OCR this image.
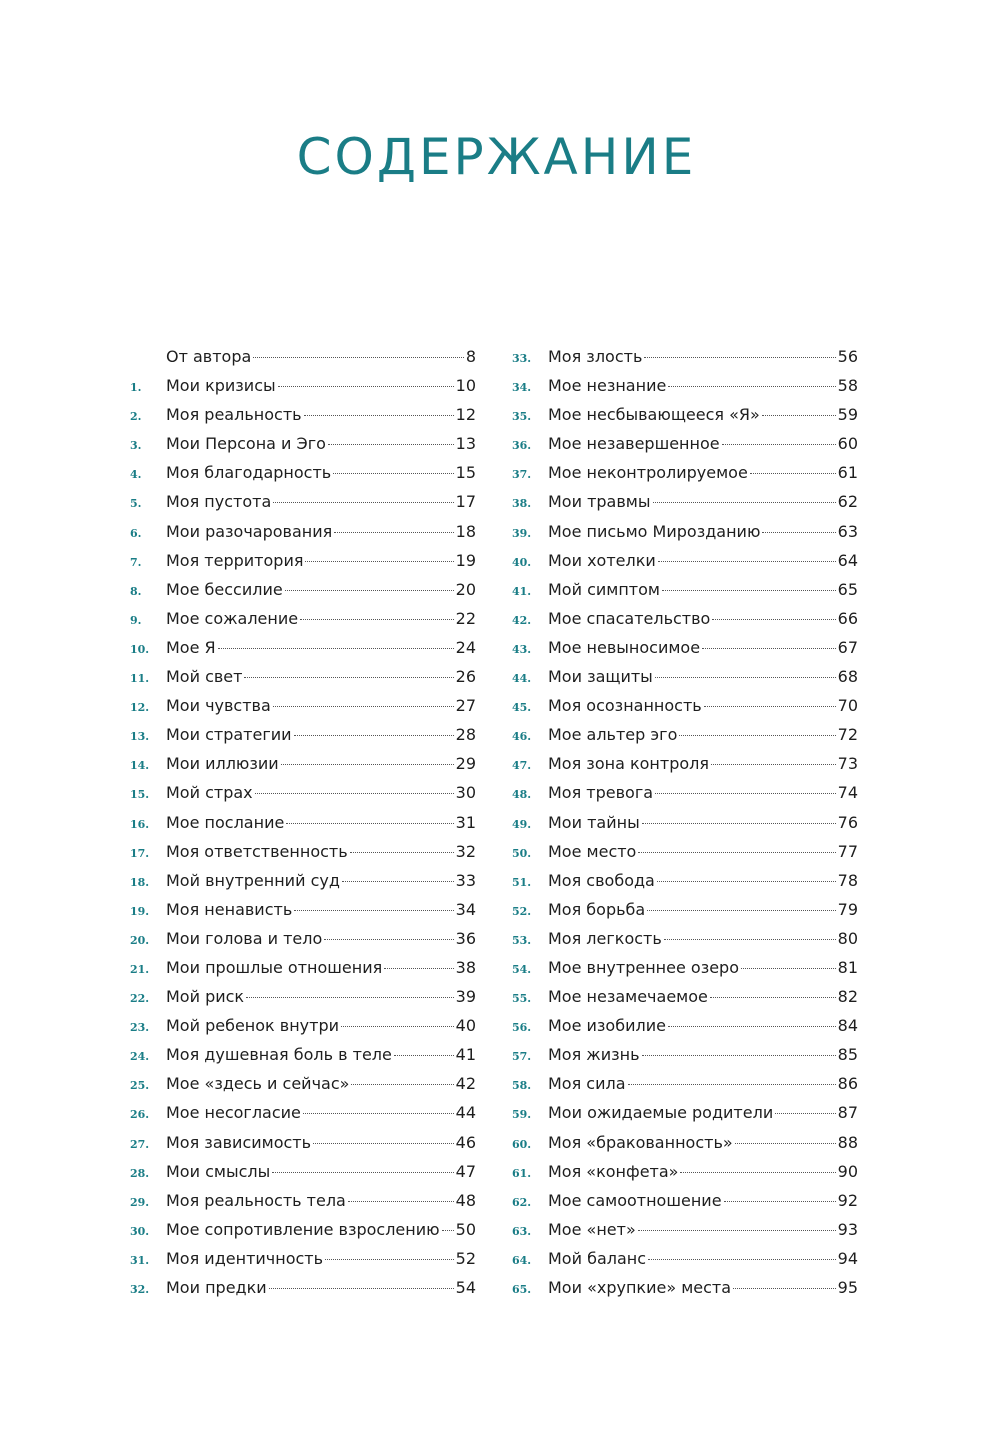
СОДЕРЖАНИЕ
От автора	8
1.	Мои кризисы	10
2.	Моя реальность	12
3.	Мои Персона и Эго	13
4.	Моя благодарность	15
5.	Моя пустота	17
6.	Мои разочарования	18
7.	Моя территория	19
8.	Мое бессилие	20
9.	Мое сожаление	22
10.	Мое Я	24
11.	Мой свет	26
12.	Мои чувства	27
13.	Мои стратегии	28
14.	Мои иллюзии	29
15.	Мой страх	30
16.	Мое послание	31
17.	Моя ответственность	32
18.	Мой внутренний суд	33
19.	Моя ненависть	34
20.	Мои голова и тело	36
21.	Мои прошлые отношения	38
22.	Мой риск	39
23.	Мой ребенок внутри	40
24.	Моя душевная боль в теле	41
25.	Мое «здесь и сейчас»	42
26.	Мое несогласие	44
27.	Моя зависимость	46
28.	Мои смыслы	47
29.	Моя реальность тела	48
30.	Мое сопротивление взрослению 50
31.	Моя идентичность	52
32.	Мои предки	54
33.	Моя злость	56
34.	Мое незнание	58
35.	Мое несбывающееся «Я»	59
36.	Мое незавершенное	60
37.	Мое неконтролируемое	61
38.	Мои травмы	62
39.	Мое письмо Мирозданию	63
40.	Мои хотелки	64
41.	Мой симптом	65
42.	Мое спасательство	66
43.	Мое невыносимое	67
44.	Мои защиты	68
45.	Моя осознанность	70
46.	Мое альтер эго	72
47.	Моя зона контроля	73
48.	Моя тревога	74
49.	Мои тайны	76
50.	Мое место	77
51.	Моя свобода	78
52.	Моя борьба	79
53.	Моя легкость	80
54.	Мое внутреннее озеро	81
55.	Мое незамечаемое	82
56.	Мое изобилие	84
57.	Моя жизнь	85
58.	Моя сила	86
59.	Мои ожидаемые родители	87
60.	Моя «бракованность»	88
61.	Моя «конфета»	90
62.	Мое самоотношение	92
63.	Мое «нет»	93
64.	Мой баланс	94
65.	Мои «хрупкие» места	95
